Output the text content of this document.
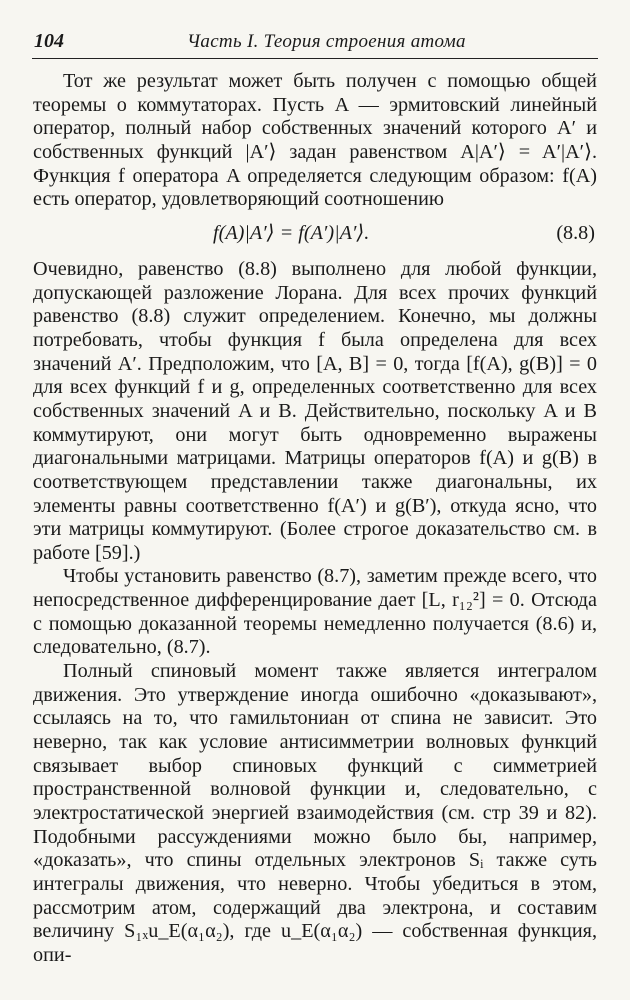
104	Часть I. Теория строения атома

Тот же результат может быть получен с помощью общей теоремы о коммутаторах. Пусть A — эрмитовский линейный оператор, полный набор собственных значений которого A′ и собственных функций |A′⟩ задан равенством A|A′⟩ = A′|A′⟩. Функция f оператора A определяется следующим образом: f(A) есть оператор, удовлетворяющий соотношению

f(A)|A′⟩ = f(A′)|A′⟩.	(8.8)

Очевидно, равенство (8.8) выполнено для любой функции, допускающей разложение Лорана. Для всех прочих функций равенство (8.8) служит определением. Конечно, мы должны потребовать, чтобы функция f была определена для всех значений A′. Предположим, что [A, B] = 0, тогда [f(A), g(B)] = 0 для всех функций f и g, определенных соответственно для всех собственных значений A и B. Действительно, поскольку A и B коммутируют, они могут быть одновременно выражены диагональными матрицами. Матрицы операторов f(A) и g(B) в соответствующем представлении также диагональны, их элементы равны соответственно f(A′) и g(B′), откуда ясно, что эти матрицы коммутируют. (Более строгое доказательство см. в работе [59].)

Чтобы установить равенство (8.7), заметим прежде всего, что непосредственное дифференцирование дает [L, r₁₂²] = 0. Отсюда с помощью доказанной теоремы немедленно получается (8.6) и, следовательно, (8.7).

Полный спиновый момент также является интегралом движения. Это утверждение иногда ошибочно «доказывают», ссылаясь на то, что гамильтониан от спина не зависит. Это неверно, так как условие антисимметрии волновых функций связывает выбор спиновых функций с симметрией пространственной волновой функции и, следовательно, с электростатической энергией взаимодействия (см. стр 39 и 82). Подобными рассуждениями можно было бы, например, «доказать», что спины отдельных электронов Sᵢ также суть интегралы движения, что неверно. Чтобы убедиться в этом, рассмотрим атом, содержащий два электрона, и составим величину S₁ₓu_E(α₁α₂), где u_E(α₁α₂) — собственная функция, опи-
